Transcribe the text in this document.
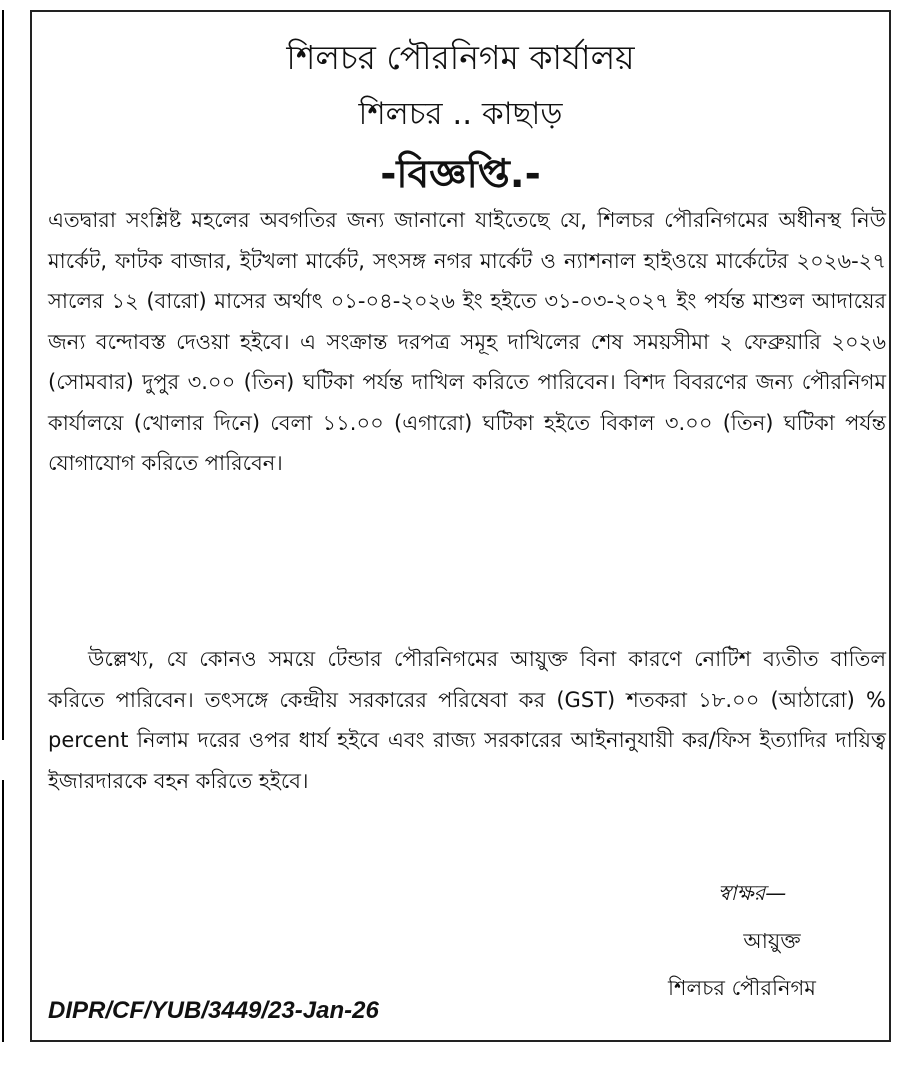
শিলচর পৌরনিগম কার্যালয়
শিলচর .. কাছাড়
-বিজ্ঞপ্তি.-
এতদ্বারা সংশ্লিষ্ট মহলের অবগতির জন্য জানানো যাইতেছে যে, শিলচর পৌরনিগমের অধীনস্থ নিউ মার্কেট, ফাটক বাজার, ইটখলা মার্কেট, সৎসঙ্গ নগর মার্কেট ও ন্যাশনাল হাইওয়ে মার্কেটের ২০২৬-২৭ সালের ১২ (বারো) মাসের অর্থাৎ ০১-০৪-২০২৬ ইং হইতে ৩১-০৩-২০২৭ ইং পর্যন্ত মাশুল আদায়ের জন্য বন্দোবস্ত দেওয়া হইবে। এ সংক্রান্ত দরপত্র সমূহ দাখিলের শেষ সময়সীমা ২ ফেব্রুয়ারি ২০২৬ (সোমবার) দুপুর ৩.০০ (তিন) ঘটিকা পর্যন্ত দাখিল করিতে পারিবেন। বিশদ বিবরণের জন্য পৌরনিগম কার্যালয়ে (খোলার দিনে) বেলা ১১.০০ (এগারো) ঘটিকা হইতে বিকাল ৩.০০ (তিন) ঘটিকা পর্যন্ত যোগাযোগ করিতে পারিবেন।
উল্লেখ্য, যে কোনও সময়ে টেন্ডার পৌরনিগমের আয়ুক্ত বিনা কারণে নোটিশ ব্যতীত বাতিল করিতে পারিবেন। তৎসঙ্গে কেন্দ্রীয় সরকারের পরিষেবা কর (GST) শতকরা ১৮.০০ (আঠারো) % percent নিলাম দরের ওপর ধার্য হইবে এবং রাজ্য সরকারের আইনানুযায়ী কর/ফিস ইত্যাদির দায়িত্ব ইজারদারকে বহন করিতে হইবে।
স্বাক্ষর—
আয়ুক্ত
শিলচর পৌরনিগম
DIPR/CF/YUB/3449/23-Jan-26
